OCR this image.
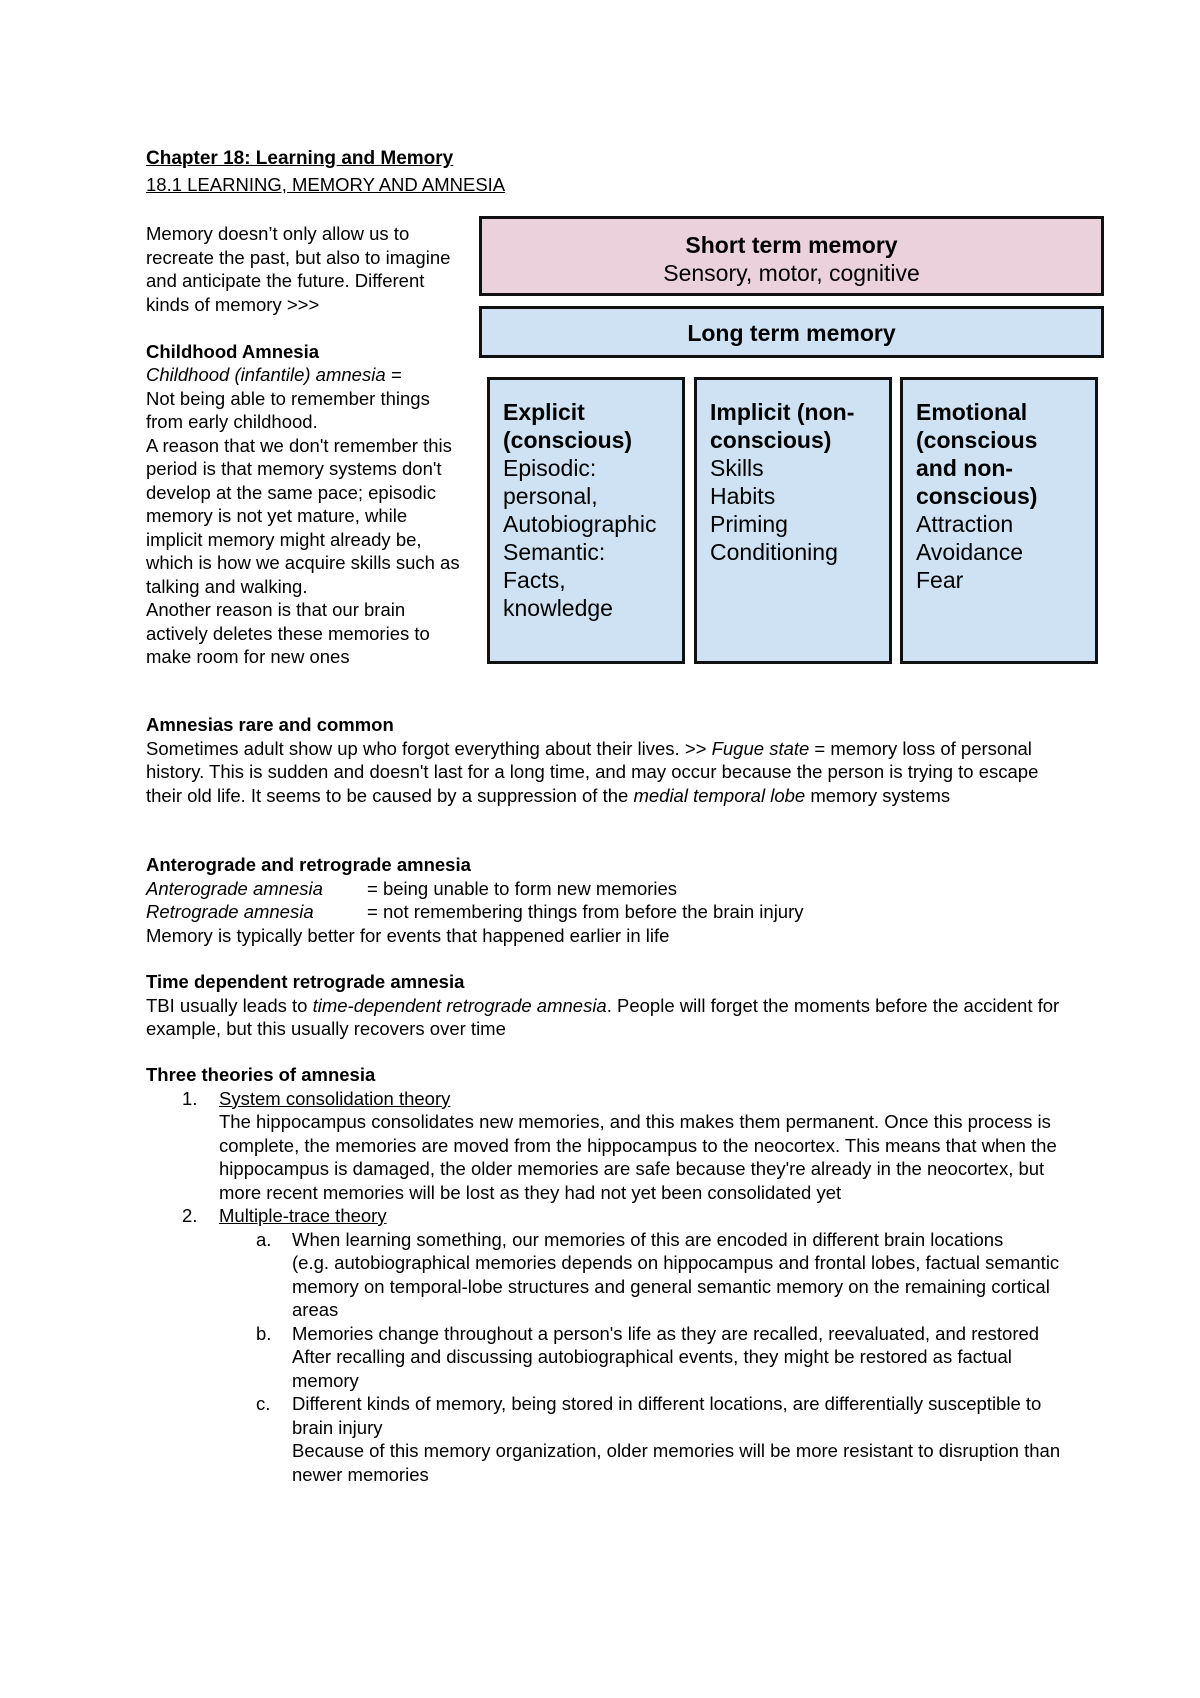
Chapter 18: Learning and Memory
18.1 LEARNING, MEMORY AND AMNESIA

Memory doesn’t only allow us to recreate the past, but also to imagine and anticipate the future. Different kinds of memory >>>

Childhood Amnesia

Childhood (infantile) amnesia =

Not being able to remember things from early childhood.

A reason that we don't remember this period is that memory systems don't develop at the same pace; episodic memory is not yet mature, while implicit memory might already be, which is how we acquire skills such as talking and walking.

Another reason is that our brain actively deletes these memories to make room for new ones

Short term memory
Sensory, motor, cognitive
Long term memory
Explicit
(conscious)
Episodic:
personal,
Autobiographic
Semantic:
Facts,
knowledge
Implicit (non-
conscious)
Skills
Habits
Priming
Conditioning
Emotional
(conscious
and non-
conscious)
Attraction
Avoidance
Fear

Amnesias rare and common

Sometimes adult show up who forgot everything about their lives. >> Fugue state = memory loss of personal history. This is sudden and doesn't last for a long time, and may occur because the person is trying to escape their old life. It seems to be caused by a suppression of the medial temporal lobe memory systems

Anterograde and retrograde amnesia

Anterograde amnesia = being unable to form new memories

Retrograde amnesia	= not remembering things from before the brain injury

Memory is typically better for events that happened earlier in life

Time dependent retrograde amnesia

TBI usually leads to time-dependent retrograde amnesia. People will forget the moments before the accident for example, but this usually recovers over time

Three theories of amnesia

1. System consolidation theory

The hippocampus consolidates new memories, and this makes them permanent. Once this process is complete, the memories are moved from the hippocampus to the neocortex. This means that when the hippocampus is damaged, the older memories are safe because they're already in the neocortex, but more recent memories will be lost as they had not yet been consolidated yet

2. Multiple-trace theory

a. When learning something, our memories of this are encoded in different brain locations

(e.g. autobiographical memories depends on hippocampus and frontal lobes, factual semantic memory on temporal-lobe structures and general semantic memory on the remaining cortical areas

b. Memories change throughout a person's life as they are recalled, reevaluated, and restored

After recalling and discussing autobiographical events, they might be restored as factual memory

c. Different kinds of memory, being stored in different locations, are differentially susceptible to brain injury

Because of this memory organization, older memories will be more resistant to disruption than newer memories
